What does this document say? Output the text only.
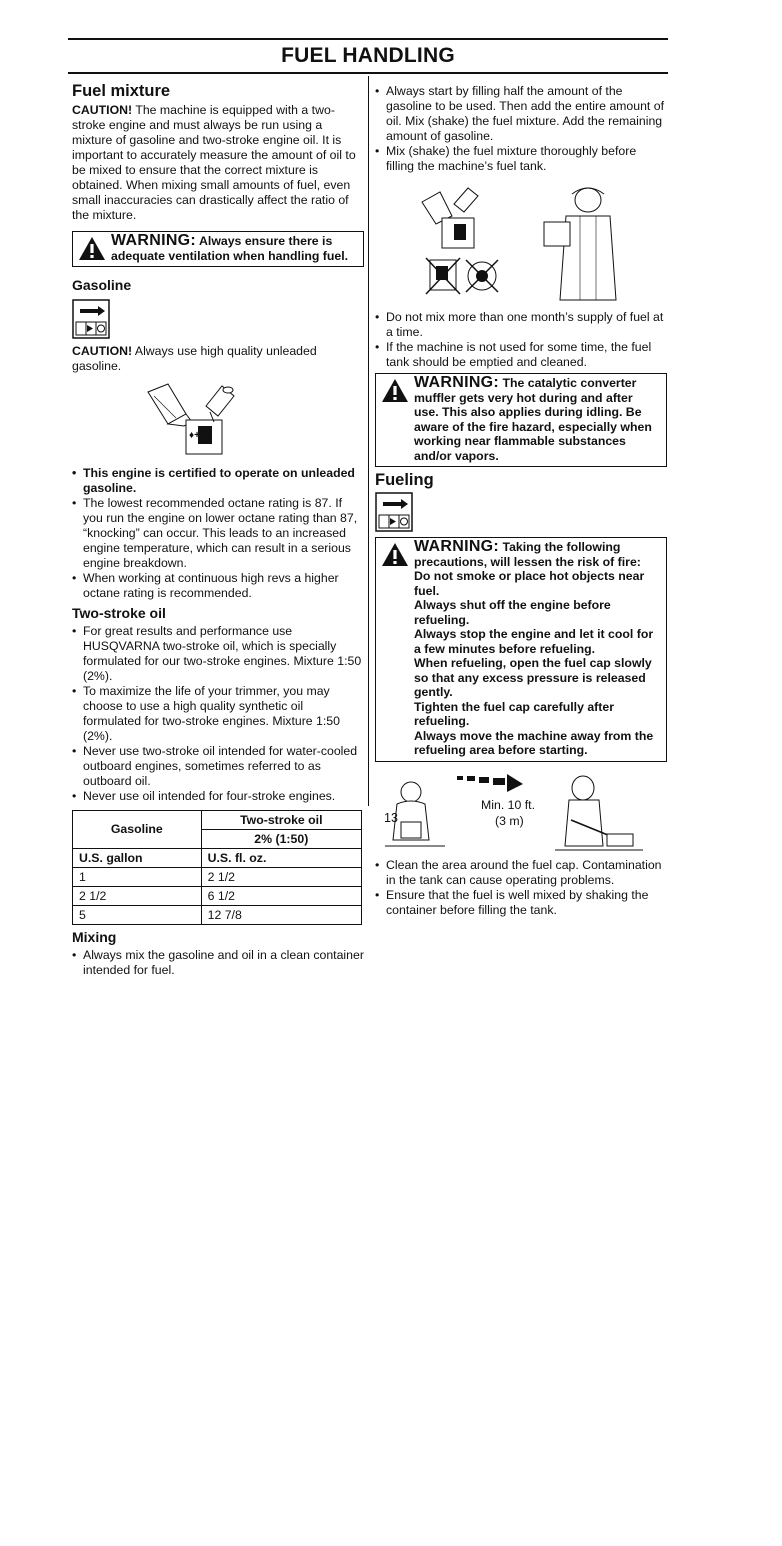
FUEL HANDLING
Fuel mixture

CAUTION! The machine is equipped with a two-stroke engine and must always be run using a mixture of gasoline and two-stroke engine oil. It is important to accurately measure the amount of oil to be mixed to ensure that the correct mixture is obtained. When mixing small amounts of fuel, even small inaccuracies can drastically affect the ratio of the mixture.

WARNING: Always ensure there is adequate ventilation when handling fuel.
Gasoline

CAUTION! Always use high quality unleaded gasoline.

♦+
• This engine is certified to operate on unleaded gasoline.
• The lowest recommended octane rating is 87. If you run the engine on lower octane rating than 87, “knocking” can occur. This leads to an increased engine temperature, which can result in a serious engine breakdown.
• When working at continuous high revs a higher octane rating is recommended.
Two-stroke oil
• For great results and performance use HUSQVARNA two-stroke oil, which is specially formulated for our two-stroke engines. Mixture 1:50 (2%).
• To maximize the life of your trimmer, you may choose to use a high quality synthetic oil formulated for two-stroke engines. Mixture 1:50 (2%).
• Never use two-stroke oil intended for water-cooled outboard engines, sometimes referred to as outboard oil.
• Never use oil intended for four-stroke engines.
Gasoline	Two-stroke oil
	2% (1:50)
U.S. gallon	U.S. fl. oz.
1	2 1/2
2 1/2	6 1/2
5	12 7/8
Mixing
• Always mix the gasoline and oil in a clean container intended for fuel.
• Always start by filling half the amount of the gasoline to be used. Then add the entire amount of oil. Mix (shake) the fuel mixture. Add the remaining amount of gasoline.
• Mix (shake) the fuel mixture thoroughly before filling the machine’s fuel tank.
• Do not mix more than one month’s supply of fuel at a time.
• If the machine is not used for some time, the fuel tank should be emptied and cleaned.
WARNING: The catalytic converter muffler gets very hot during and after use. This also applies during idling. Be aware of the fire hazard, especially when working near flammable substances and/or vapors.
Fueling
WARNING: Taking the following precautions, will lessen the risk of fire:
Do not smoke or place hot objects near fuel.
Always shut off the engine before refueling.
Always stop the engine and let it cool for a few minutes before refueling.
When refueling, open the fuel cap slowly so that any excess pressure is released gently.
Tighten the fuel cap carefully after refueling.
Always move the machine away from the refueling area before starting.
Min. 10 ft.
(3 m)
• Clean the area around the fuel cap. Contamination in the tank can cause operating problems.
• Ensure that the fuel is well mixed by shaking the container before filling the tank.
13
